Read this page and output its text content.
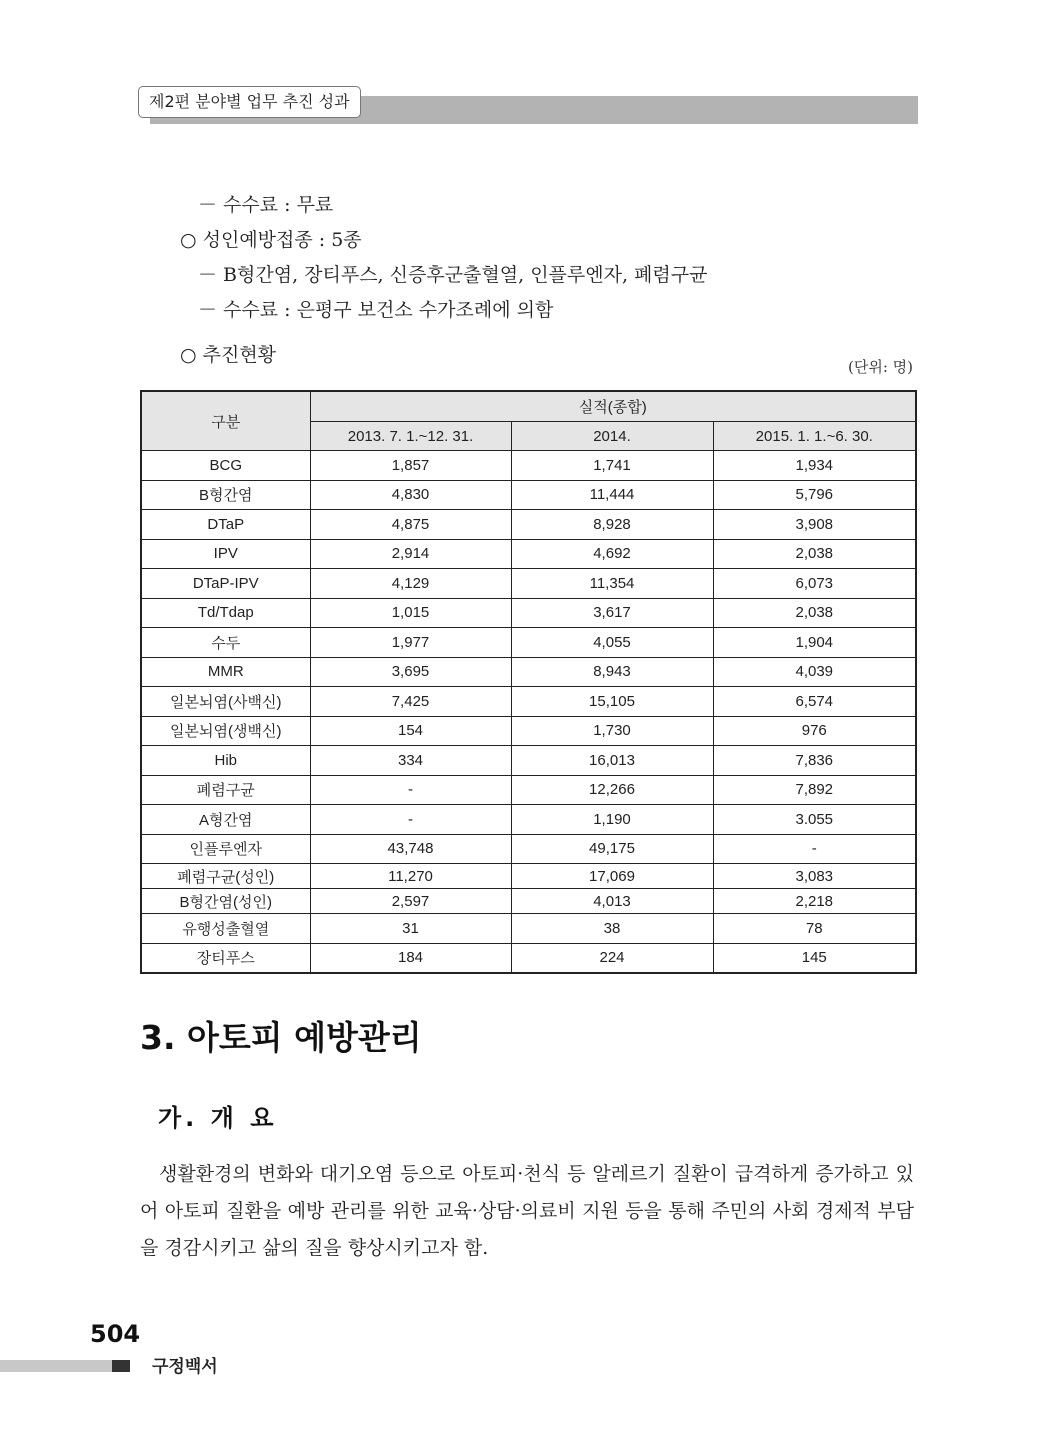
제2편 분야별 업무 추진 성과
－ 수수료 : 무료
○ 성인예방접종 : 5종
－ B형간염, 장티푸스, 신증후군출혈열, 인플루엔자, 폐렴구균
－ 수수료 : 은평구 보건소 수가조례에 의함
○ 추진현황
(단위: 명)
구분	실적(종합)		
	2013. 7. 1.~12. 31.	2014.	2015. 1. 1.~6. 30.
BCG	1,857	1,741	1,934
B형간염	4,830	11,444	5,796
DTaP	4,875	8,928	3,908
IPV	2,914	4,692	2,038
DTaP-IPV	4,129	11,354	6,073
Td/Tdap	1,015	3,617	2,038
수두	1,977	4,055	1,904
MMR	3,695	8,943	4,039
일본뇌염(사백신)	7,425	15,105	6,574
일본뇌염(생백신)	154	1,730	976
Hib	334	16,013	7,836
폐렴구균	-	12,266	7,892
A형간염	-	1,190	3.055
인플루엔자	43,748	49,175	-
폐렴구균(성인)	11,270	17,069	3,083
B형간염(성인)	2,597	4,013	2,218
유행성출혈열	31	38	78
장티푸스	184	224	145
3. 아토피 예방관리
가. 개 요
 생활환경의 변화와 대기오염 등으로 아토피·천식 등 알레르기 질환이 급격하게 증가하고 있어 아토피 질환을 예방 관리를 위한 교육·상담·의료비 지원 등을 통해 주민의 사회 경제적 부담을 경감시키고 삶의 질을 향상시키고자 함.
504
구정백서
